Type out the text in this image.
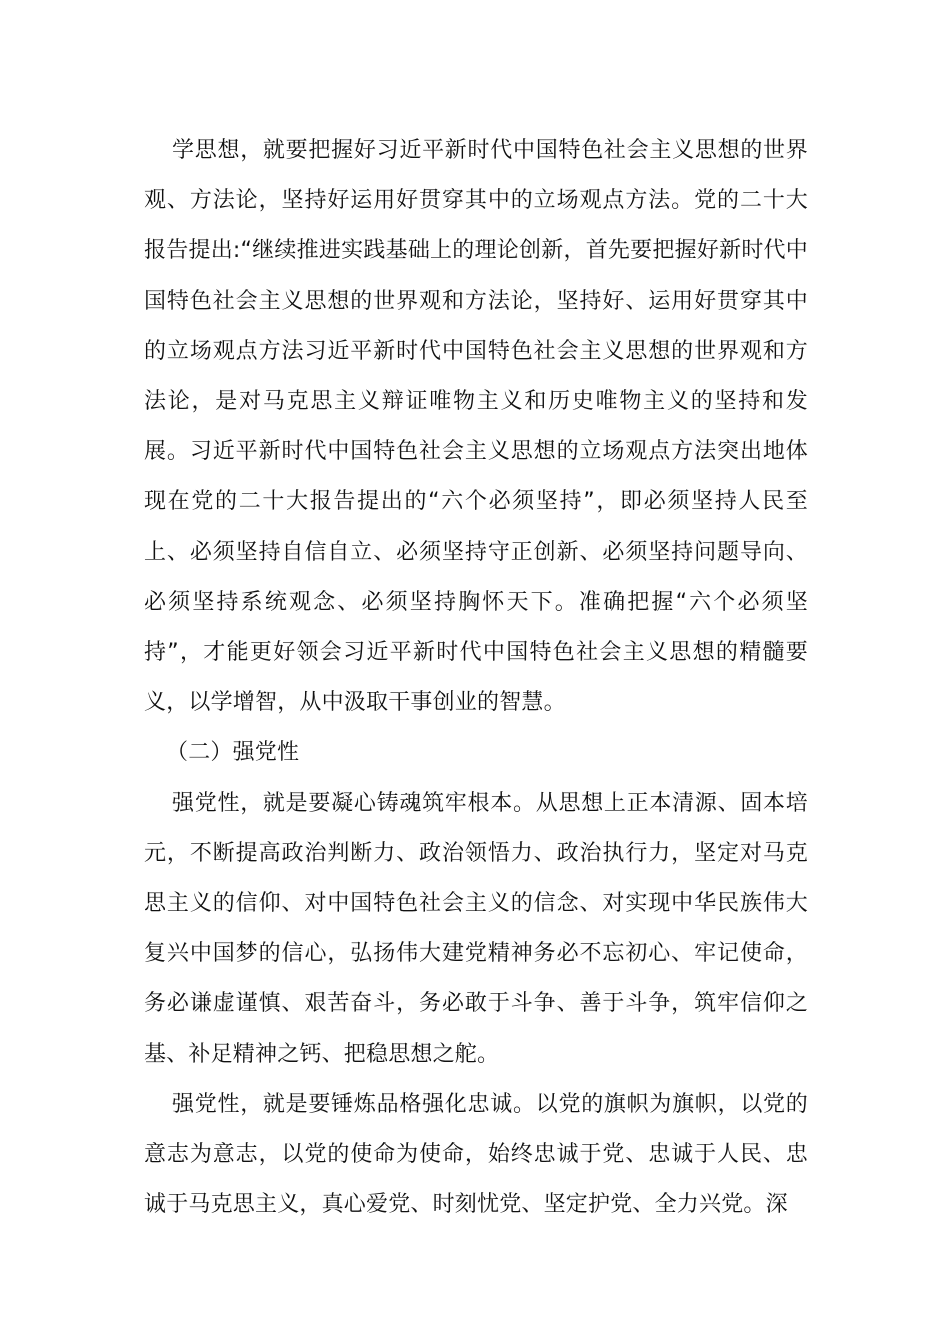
学思想，就要把握好习近平新时代中国特色社会主义思想的世界观、方法论，坚持好运用好贯穿其中的立场观点方法。党的二十大报告提出:“继续推进实践基础上的理论创新，首先要把握好新时代中国特色社会主义思想的世界观和方法论，坚持好、运用好贯穿其中的立场观点方法习近平新时代中国特色社会主义思想的世界观和方法论，是对马克思主义辩证唯物主义和历史唯物主义的坚持和发展。习近平新时代中国特色社会主义思想的立场观点方法突出地体现在党的二十大报告提出的“六个必须坚持”，即必须坚持人民至上、必须坚持自信自立、必须坚持守正创新、必须坚持问题导向、必须坚持系统观念、必须坚持胸怀天下。准确把握“六个必须坚持”，才能更好领会习近平新时代中国特色社会主义思想的精髓要义，以学增智，从中汲取干事创业的智慧。

（二）强党性

强党性，就是要凝心铸魂筑牢根本。从思想上正本清源、固本培元，不断提高政治判断力、政治领悟力、政治执行力，坚定对马克思主义的信仰、对中国特色社会主义的信念、对实现中华民族伟大复兴中国梦的信心，弘扬伟大建党精神务必不忘初心、牢记使命，务必谦虚谨慎、艰苦奋斗，务必敢于斗争、善于斗争，筑牢信仰之基、补足精神之钙、把稳思想之舵。

强党性，就是要锤炼品格强化忠诚。以党的旗帜为旗帜，以党的意志为意志，以党的使命为使命，始终忠诚于党、忠诚于人民、忠诚于马克思主义，真心爱党、时刻忧党、坚定护党、全力兴党。深
